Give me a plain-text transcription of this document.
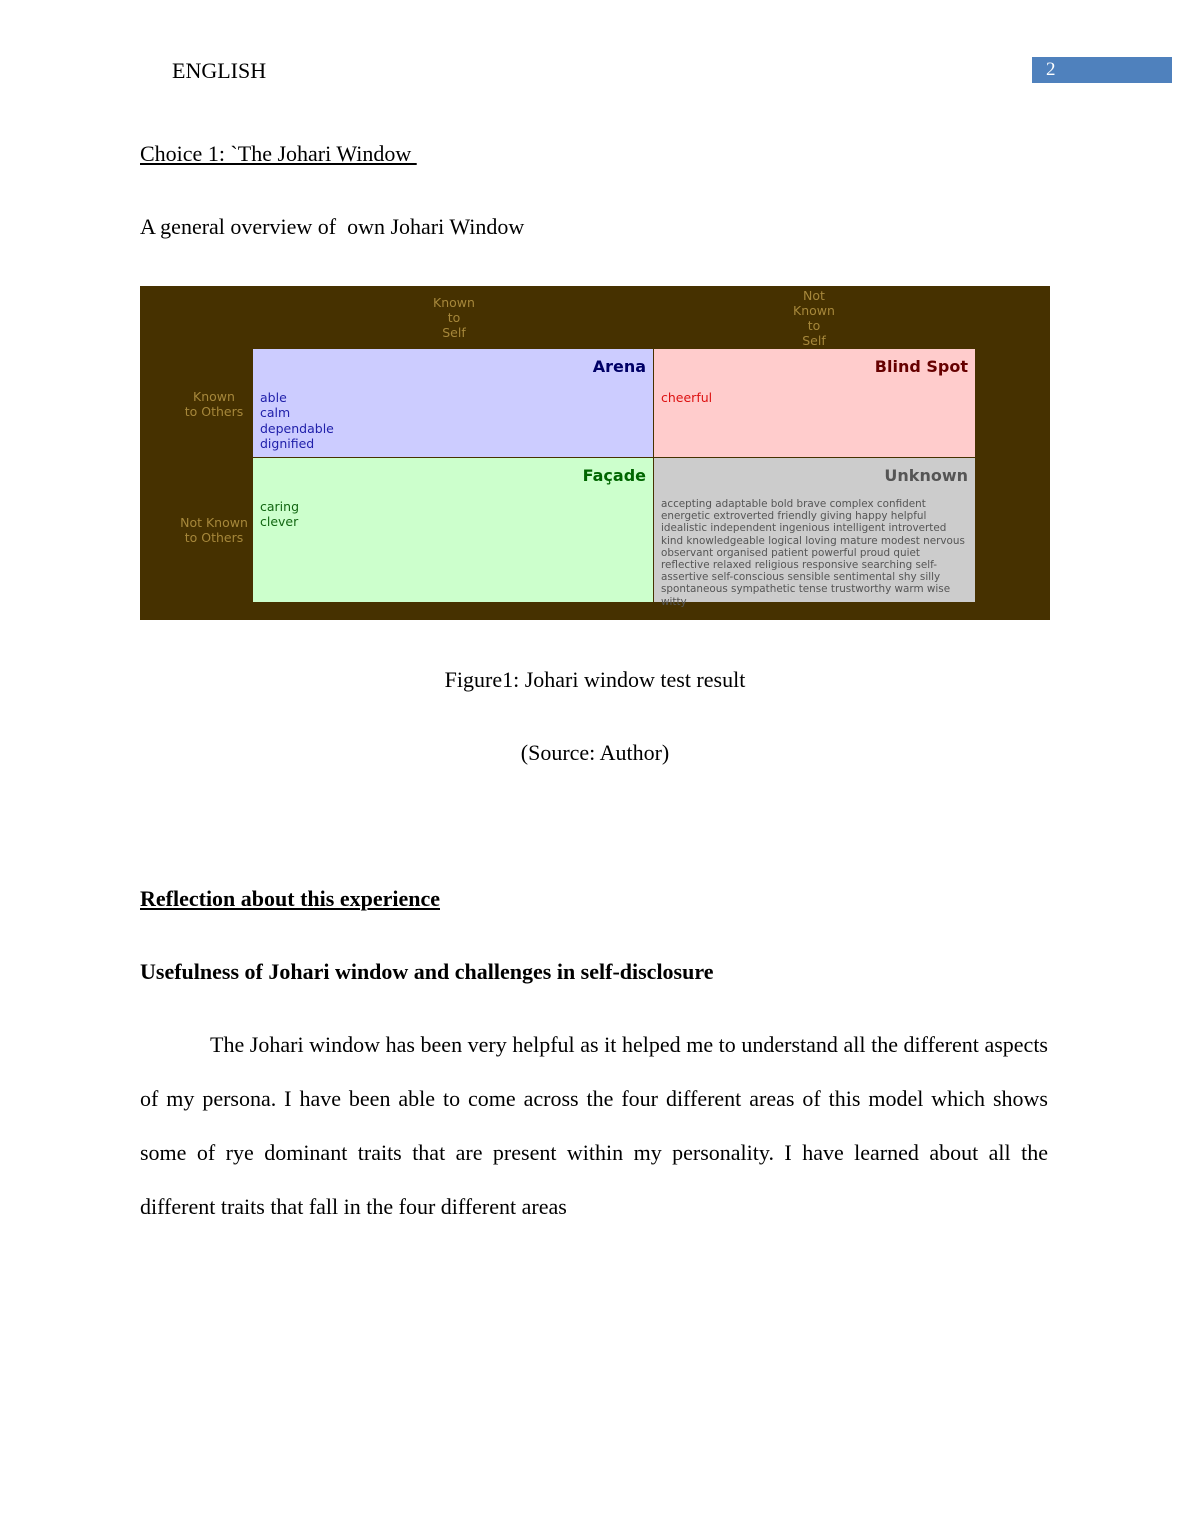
ENGLISH	2
Choice 1: `The Johari Window
A general overview of  own Johari Window
Known
to
Self
Not
Known
to
Self
Known
to Others
Not Known
to Others
Arena
able
calm
dependable
dignified
Blind Spot
cheerful
Façade
caring
clever
Unknown
accepting adaptable bold brave complex confident energetic extroverted friendly giving happy helpful idealistic independent ingenious intelligent introverted kind knowledgeable logical loving mature modest nervous observant organised patient powerful proud quiet reflective relaxed religious responsive searching self-assertive self-conscious sensible sentimental shy silly spontaneous sympathetic tense trustworthy warm wise witty
Figure1: Johari window test result
(Source: Author)
Reflection about this experience
Usefulness of Johari window and challenges in self-disclosure

The Johari window has been very helpful as it helped me to understand all the different aspects of my persona. I have been able to come across the four different areas of this model which shows some of rye dominant traits that are present within my personality. I have learned about all the different traits that fall in the four different areas
